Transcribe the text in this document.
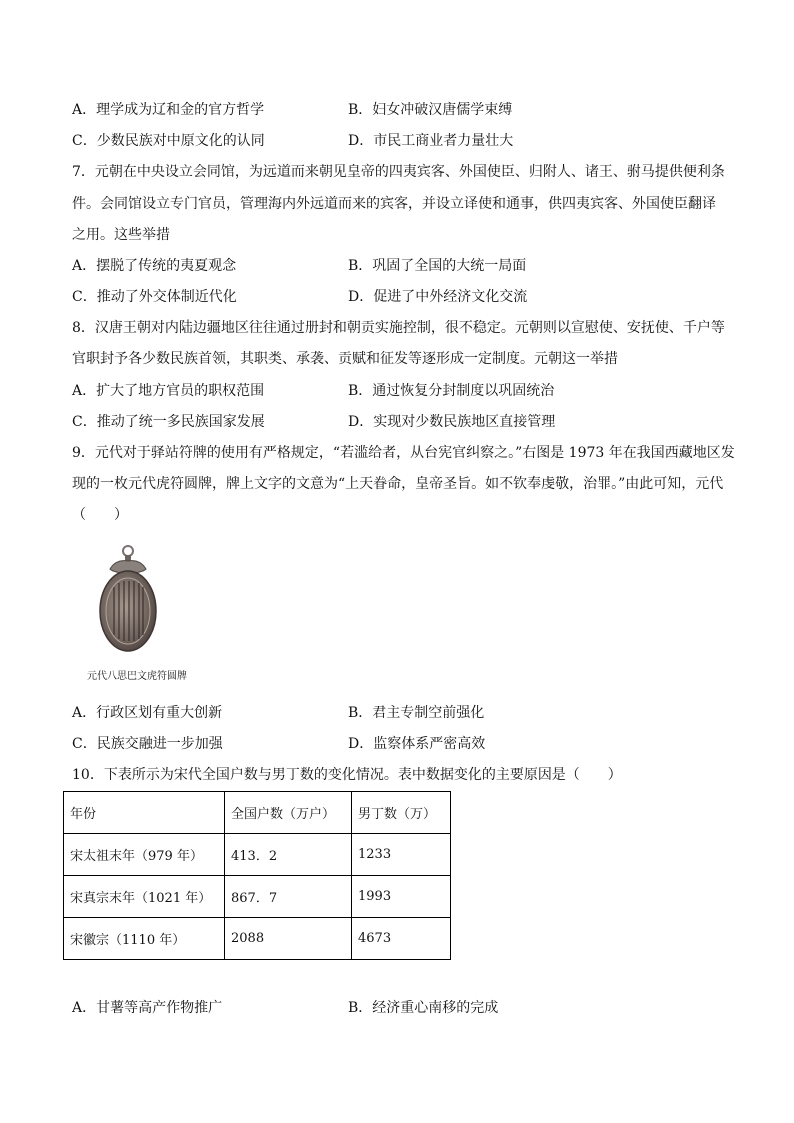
A．理学成为辽和金的官方哲学	B．妇女冲破汉唐儒学束缚
C．少数民族对中原文化的认同	D．市民工商业者力量壮大
7．元朝在中央设立会同馆，为远道而来朝见皇帝的四夷宾客、外国使臣、归附人、诸王、驸马提供便利条
件。会同馆设立专门官员，管理海内外远道而来的宾客，并设立译使和通事，供四夷宾客、外国使臣翻译
之用。这些举措
A．摆脱了传统的夷夏观念	B．巩固了全国的大统一局面
C．推动了外交体制近代化	D．促进了中外经济文化交流
8．汉唐王朝对内陆边疆地区往往通过册封和朝贡实施控制，很不稳定。元朝则以宣慰使、安抚使、千户等
官职封予各少数民族首领，其职类、承袭、贡赋和征发等逐形成一定制度。元朝这一举措
A．扩大了地方官员的职权范围	B．通过恢复分封制度以巩固统治
C．推动了统一多民族国家发展	D．实现对少数民族地区直接管理
9．元代对于驿站符牌的使用有严格规定，“若滥给者，从台宪官纠察之。”右图是 1973 年在我国西藏地区发
现的一枚元代虎符圆牌，牌上文字的文意为“上天眷命，皇帝圣旨。如不钦奉虔敬，治罪。”由此可知，元代
（　　）
元代八思巴文虎符圆牌
A．行政区划有重大创新	B．君主专制空前强化
C．民族交融进一步加强	D．监察体系严密高效
10．下表所示为宋代全国户数与男丁数的变化情况。表中数据变化的主要原因是（　　）
年份	全国户数（万户）	男丁数（万）
宋太祖末年（979 年）	413．2	1233
宋真宗末年（1021 年）	867．7	1993
宋徽宗（1110 年）	2088	4673
A．甘薯等高产作物推广	B．经济重心南移的完成
